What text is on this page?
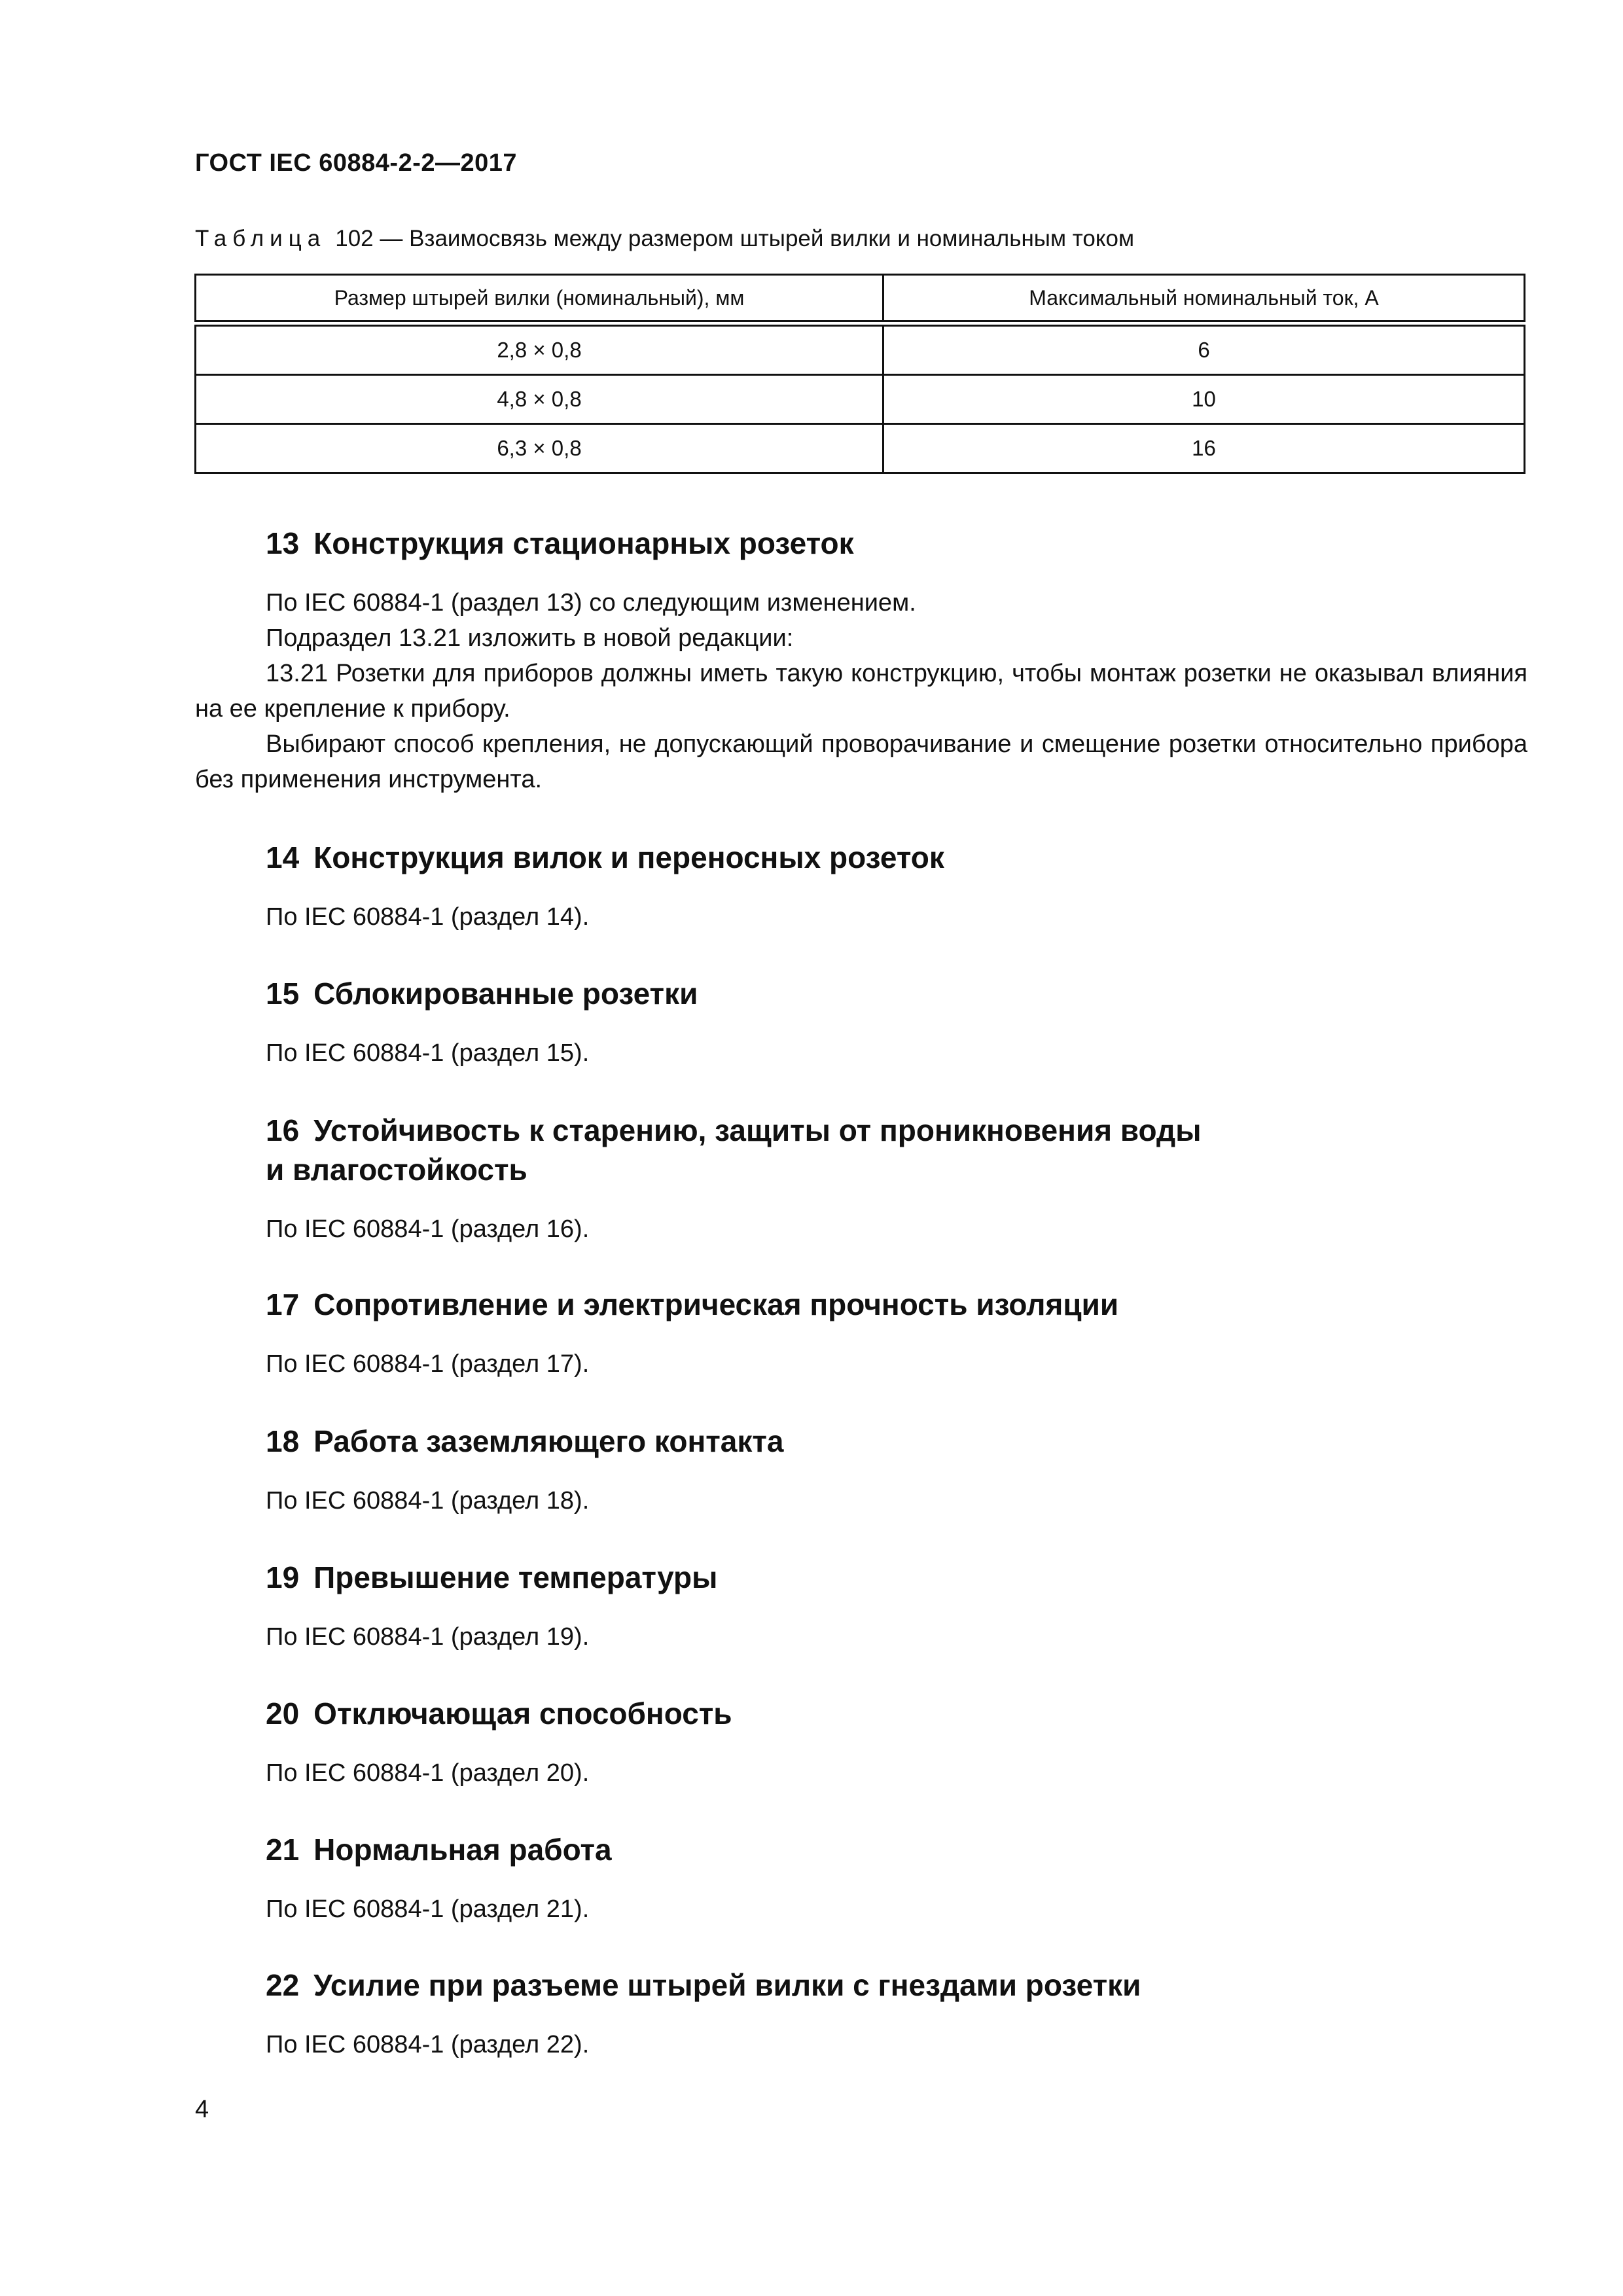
ГОСТ IEC 60884-2-2—2017
Таблица 102 — Взаимосвязь между размером штырей вилки и номинальным током
Размер штырей вилки (номинальный), мм	Максимальный номинальный ток, А
2,8 × 0,8	6
4,8 × 0,8	10
6,3 × 0,8	16
13 Конструкция стационарных розеток

По IEC 60884-1 (раздел 13) со следующим изменением.

Подраздел 13.21 изложить в новой редакции:

13.21 Розетки для приборов должны иметь такую конструкцию, чтобы монтаж розетки не оказывал влияния на ее крепление к прибору.

Выбирают способ крепления, не допускающий проворачивание и смещение розетки относительно прибора без применения инструмента.

14 Конструкция вилок и переносных розеток

По IEC 60884-1 (раздел 14).

15 Сблокированные розетки

По IEC 60884-1 (раздел 15).

16 Устойчивость к старению, защиты от проникновения воды
и влагостойкость

По IEC 60884-1 (раздел 16).

17 Сопротивление и электрическая прочность изоляции

По IEC 60884-1 (раздел 17).

18 Работа заземляющего контакта

По IEC 60884-1 (раздел 18).

19 Превышение температуры

По IEC 60884-1 (раздел 19).

20 Отключающая способность

По IEC 60884-1 (раздел 20).

21 Нормальная работа

По IEC 60884-1 (раздел 21).

22 Усилие при разъеме штырей вилки с гнездами розетки

По IEC 60884-1 (раздел 22).

4
